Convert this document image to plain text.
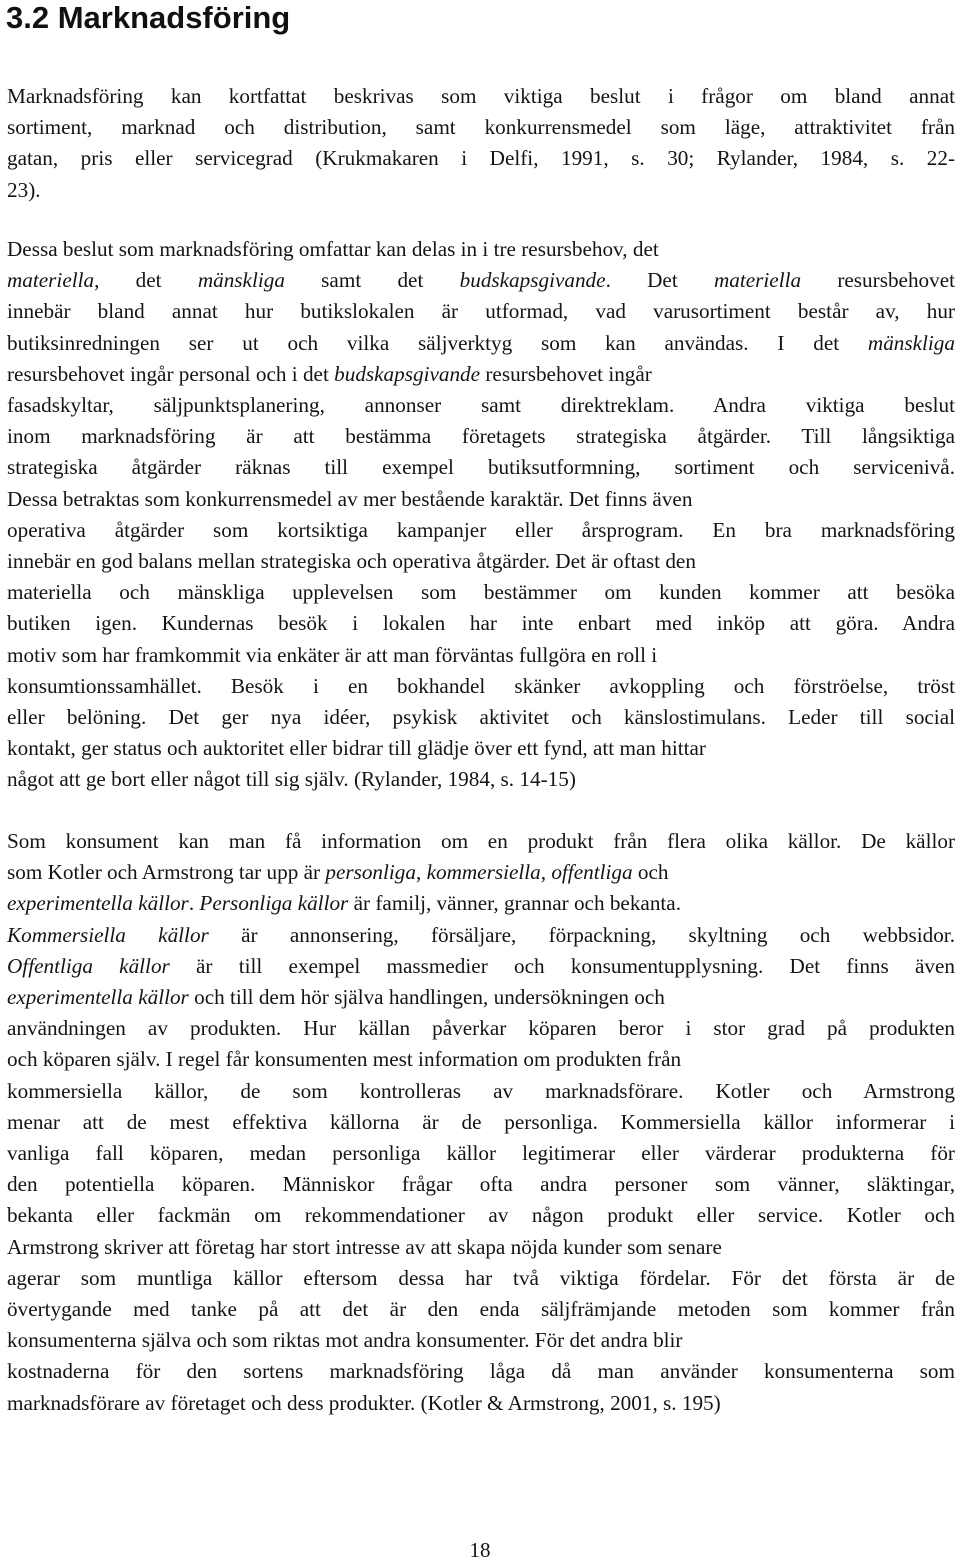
3.2 Marknadsföring
Marknadsföring kan kortfattat beskrivas som viktiga beslut i frågor om bland annat
sortiment, marknad och distribution, samt konkurrensmedel som läge, attraktivitet från
gatan, pris eller servicegrad (Krukmakaren i Delfi, 1991, s. 30; Rylander, 1984, s. 22-
23).
Dessa beslut som marknadsföring omfattar kan delas in i tre resursbehov, det
materiella, det mänskliga samt det budskapsgivande. Det materiella resursbehovet
innebär bland annat hur butikslokalen är utformad, vad varusortiment består av, hur
butiksinredningen ser ut och vilka säljverktyg som kan användas. I det mänskliga
resursbehovet ingår personal och i det budskapsgivande resursbehovet ingår
fasadskyltar, säljpunktsplanering, annonser samt direktreklam. Andra viktiga beslut
inom marknadsföring är att bestämma företagets strategiska åtgärder. Till långsiktiga
strategiska åtgärder räknas till exempel butiksutformning, sortiment och servicenivå.
Dessa betraktas som konkurrensmedel av mer bestående karaktär. Det finns även
operativa åtgärder som kortsiktiga kampanjer eller årsprogram. En bra marknadsföring
innebär en god balans mellan strategiska och operativa åtgärder. Det är oftast den
materiella och mänskliga upplevelsen som bestämmer om kunden kommer att besöka
butiken igen. Kundernas besök i lokalen har inte enbart med inköp att göra. Andra
motiv som har framkommit via enkäter är att man förväntas fullgöra en roll i
konsumtionssamhället. Besök i en bokhandel skänker avkoppling och förströelse, tröst
eller belöning. Det ger nya idéer, psykisk aktivitet och känslostimulans. Leder till social
kontakt, ger status och auktoritet eller bidrar till glädje över ett fynd, att man hittar
något att ge bort eller något till sig själv. (Rylander, 1984, s. 14-15)
Som konsument kan man få information om en produkt från flera olika källor. De källor
som Kotler och Armstrong tar upp är personliga, kommersiella, offentliga och
experimentella källor. Personliga källor är familj, vänner, grannar och bekanta.
Kommersiella källor är annonsering, försäljare, förpackning, skyltning och webbsidor.
Offentliga källor är till exempel massmedier och konsumentupplysning. Det finns även
experimentella källor och till dem hör själva handlingen, undersökningen och
användningen av produkten. Hur källan påverkar köparen beror i stor grad på produkten
och köparen själv. I regel får konsumenten mest information om produkten från
kommersiella källor, de som kontrolleras av marknadsförare. Kotler och Armstrong
menar att de mest effektiva källorna är de personliga. Kommersiella källor informerar i
vanliga fall köparen, medan personliga källor legitimerar eller värderar produkterna för
den potentiella köparen. Människor frågar ofta andra personer som vänner, släktingar,
bekanta eller fackmän om rekommendationer av någon produkt eller service. Kotler och
Armstrong skriver att företag har stort intresse av att skapa nöjda kunder som senare
agerar som muntliga källor eftersom dessa har två viktiga fördelar. För det första är de
övertygande med tanke på att det är den enda säljfrämjande metoden som kommer från
konsumenterna själva och som riktas mot andra konsumenter. För det andra blir
kostnaderna för den sortens marknadsföring låga då man använder konsumenterna som
marknadsförare av företaget och dess produkter. (Kotler & Armstrong, 2001, s. 195)

18
